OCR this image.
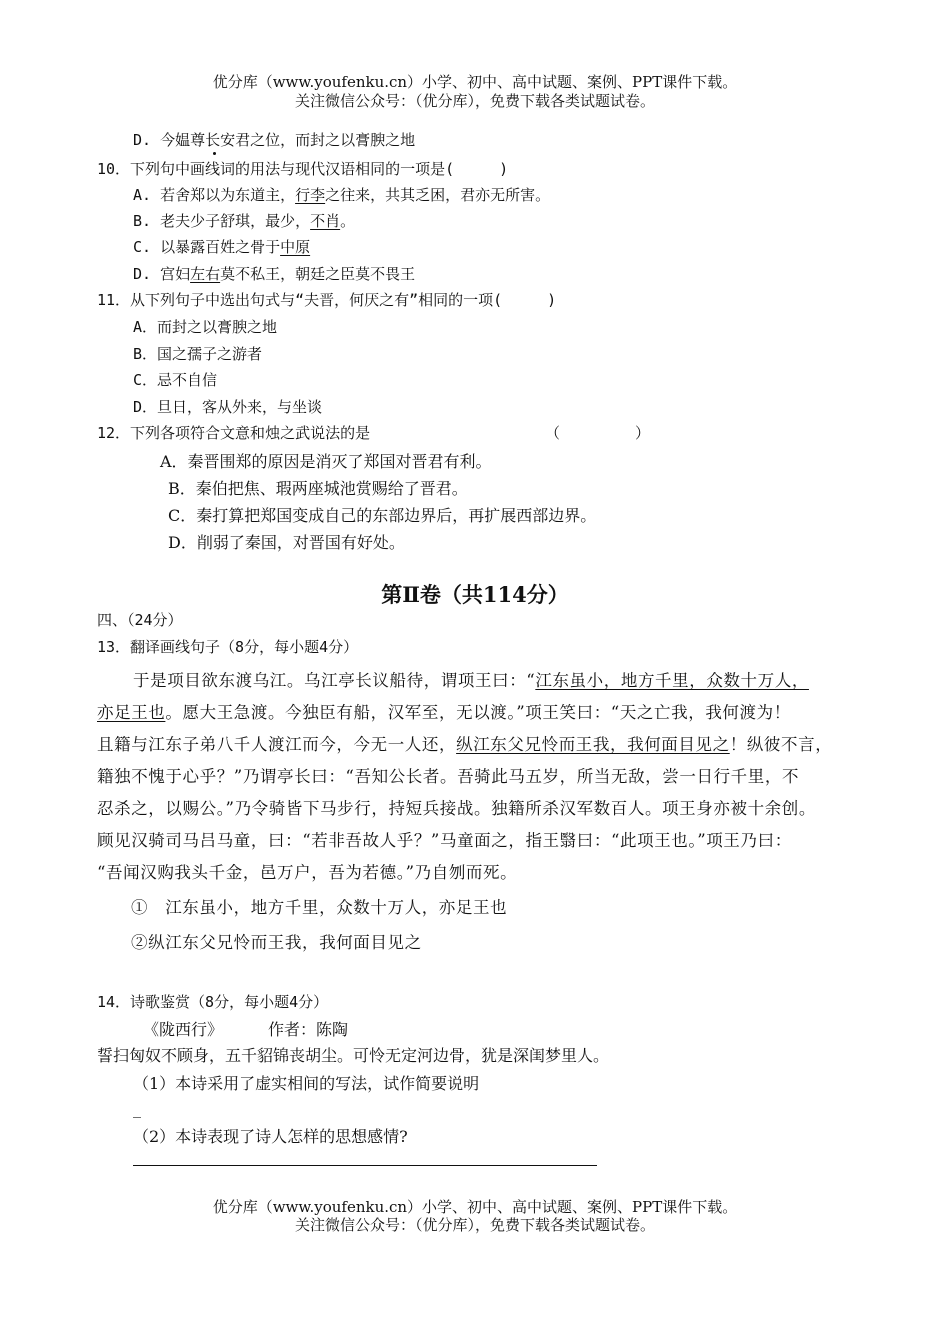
优分库（www.youfenku.cn）小学、初中、高中试题、案例、PPT课件下载。
关注微信公众号：（优分库），免费下载各类试题试卷。
D. 今媪尊长安君之位，而封之以膏腴之地
10．下列句中画线词的用法与现代汉语相同的一项是(　　　)
A. 若舍郑以为东道主，行李之往来，共其乏困，君亦无所害。
B. 老夫少子舒琪，最少，不肖。
C. 以暴露百姓之骨于中原
D. 宫妇左右莫不私王，朝廷之臣莫不畏王
11．从下列句子中选出句式与“夫晋，何厌之有”相同的一项(　　　)
A．而封之以膏腴之地
B．国之孺子之游者
C．忌不自信
D．旦日，客从外来，与坐谈
12．下列各项符合文意和烛之武说法的是	（　　　　　）
A．秦晋围郑的原因是消灭了郑国对晋君有利。
B．秦伯把焦、瑕两座城池赏赐给了晋君。
C．秦打算把郑国变成自己的东部边界后，再扩展西部边界。
D．削弱了秦国，对晋国有好处。
第Ⅱ卷（共114分）
四、（24分）
13．翻译画线句子（8分，每小题4分）
于是项目欲东渡乌江。乌江亭长议船待，谓项王曰：“江东虽小，地方千里，众数十万人，
亦足王也。愿大王急渡。今独臣有船，汉军至，无以渡。”项王笑曰：“天之亡我，我何渡为！
且籍与江东子弟八千人渡江而今，今无一人还，纵江东父兄怜而王我，我何面目见之！纵彼不言，
籍独不愧于心乎？”乃谓亭长曰：“吾知公长者。吾骑此马五岁，所当无敌，尝一日行千里，不
忍杀之，以赐公。”乃令骑皆下马步行，持短兵接战。独籍所杀汉军数百人。项王身亦被十余创。
顾见汉骑司马吕马童，曰：“若非吾故人乎？”马童面之，指王翳曰：“此项王也。”项王乃曰：
“吾闻汉购我头千金，邑万户，吾为若德。”乃自刎而死。
①　江东虽小，地方千里，众数十万人，亦足王也
②纵江东父兄怜而王我，我何面目见之
14．诗歌鉴赏（8分，每小题4分）
《陇西行》	作者：陈陶
誓扫匈奴不顾身，五千貂锦丧胡尘。可怜无定河边骨，犹是深闺梦里人。
（1）本诗采用了虚实相间的写法，试作简要说明
_
（2）本诗表现了诗人怎样的思想感情?
优分库（www.youfenku.cn）小学、初中、高中试题、案例、PPT课件下载。
关注微信公众号：（优分库），免费下载各类试题试卷。
